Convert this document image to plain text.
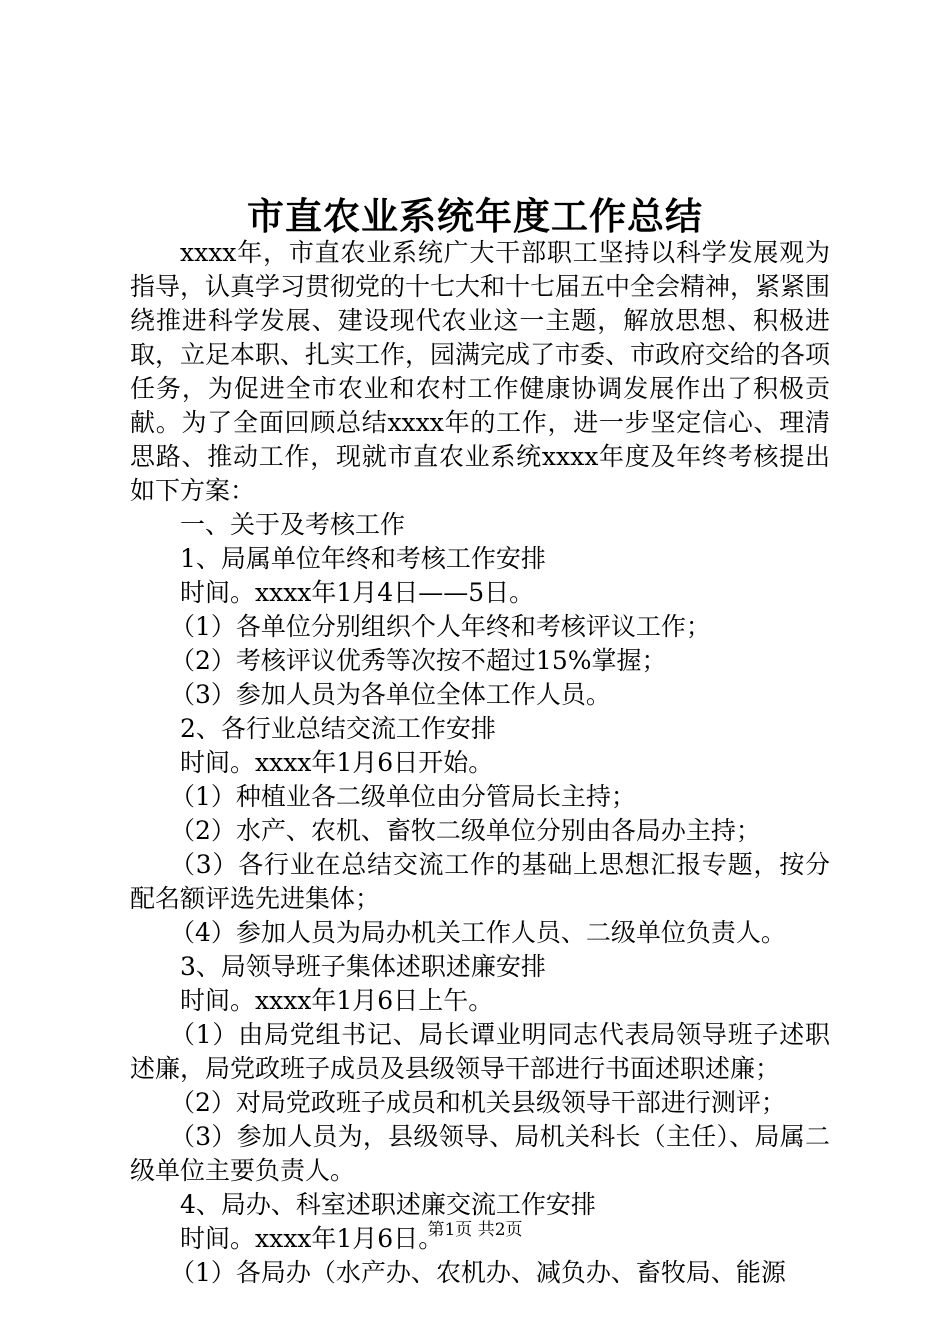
市直农业系统年度工作总结

xxxx年，市直农业系统广大干部职工坚持以科学发展观为指导，认真学习贯彻党的十七大和十七届五中全会精神，紧紧围绕推进科学发展、建设现代农业这一主题，解放思想、积极进取，立足本职、扎实工作，园满完成了市委、市政府交给的各项任务，为促进全市农业和农村工作健康协调发展作出了积极贡献。为了全面回顾总结xxxx年的工作，进一步坚定信心、理清思路、推动工作，现就市直农业系统xxxx年度及年终考核提出如下方案：

一、关于及考核工作

1、局属单位年终和考核工作安排

时间。xxxx年1月4日——5日。

（1）各单位分别组织个人年终和考核评议工作；

（2）考核评议优秀等次按不超过15%掌握；

（3）参加人员为各单位全体工作人员。

2、各行业总结交流工作安排

时间。xxxx年1月6日开始。

（1）种植业各二级单位由分管局长主持；

（2）水产、农机、畜牧二级单位分别由各局办主持；

（3）各行业在总结交流工作的基础上思想汇报专题，按分配名额评选先进集体；

（4）参加人员为局办机关工作人员、二级单位负责人。

3、局领导班子集体述职述廉安排

时间。xxxx年1月6日上午。

（1）由局党组书记、局长谭业明同志代表局领导班子述职述廉，局党政班子成员及县级领导干部进行书面述职述廉；

（2）对局党政班子成员和机关县级领导干部进行测评；

（3）参加人员为，县级领导、局机关科长（主任）、局属二级单位主要负责人。

4、局办、科室述职述廉交流工作安排

时间。xxxx年1月6日。

（1）各局办（水产办、农机办、减负办、畜牧局、能源

第1页 共2页
